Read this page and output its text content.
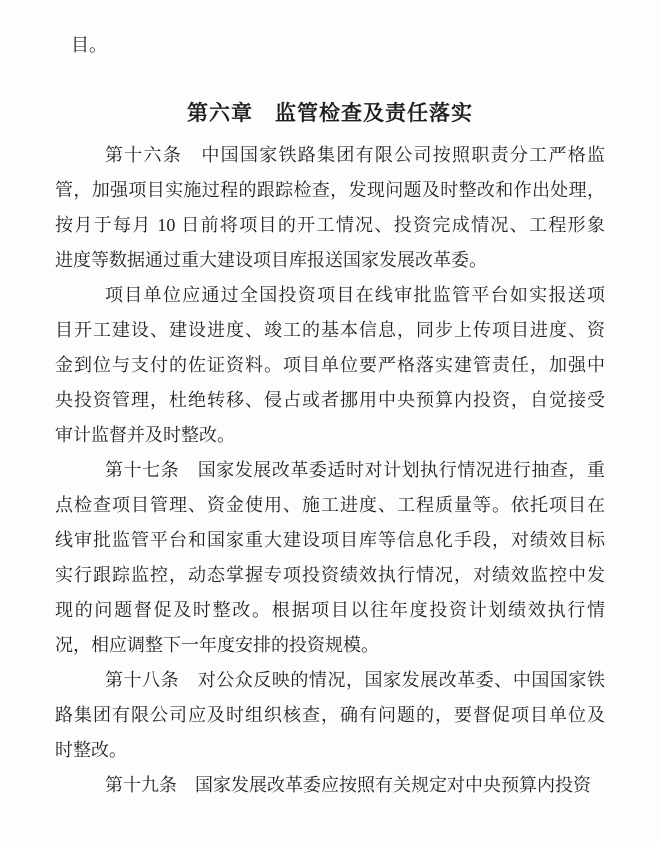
目。

第六章　监管检查及责任落实
第十六条　中国国家铁路集团有限公司按照职责分工严格监
管，加强项目实施过程的跟踪检查，发现问题及时整改和作出处理，
按月于每月 10 日前将项目的开工情况、投资完成情况、工程形象
进度等数据通过重大建设项目库报送国家发展改革委。
项目单位应通过全国投资项目在线审批监管平台如实报送项
目开工建设、建设进度、竣工的基本信息，同步上传项目进度、资
金到位与支付的佐证资料。项目单位要严格落实建管责任，加强中
央投资管理，杜绝转移、侵占或者挪用中央预算内投资，自觉接受
审计监督并及时整改。
第十七条　国家发展改革委适时对计划执行情况进行抽查，重
点检查项目管理、资金使用、施工进度、工程质量等。依托项目在
线审批监管平台和国家重大建设项目库等信息化手段，对绩效目标
实行跟踪监控，动态掌握专项投资绩效执行情况，对绩效监控中发
现的问题督促及时整改。根据项目以往年度投资计划绩效执行情
况，相应调整下一年度安排的投资规模。
第十八条　对公众反映的情况，国家发展改革委、中国国家铁
路集团有限公司应及时组织核查，确有问题的，要督促项目单位及
时整改。
第十九条　国家发展改革委应按照有关规定对中央预算内投资
